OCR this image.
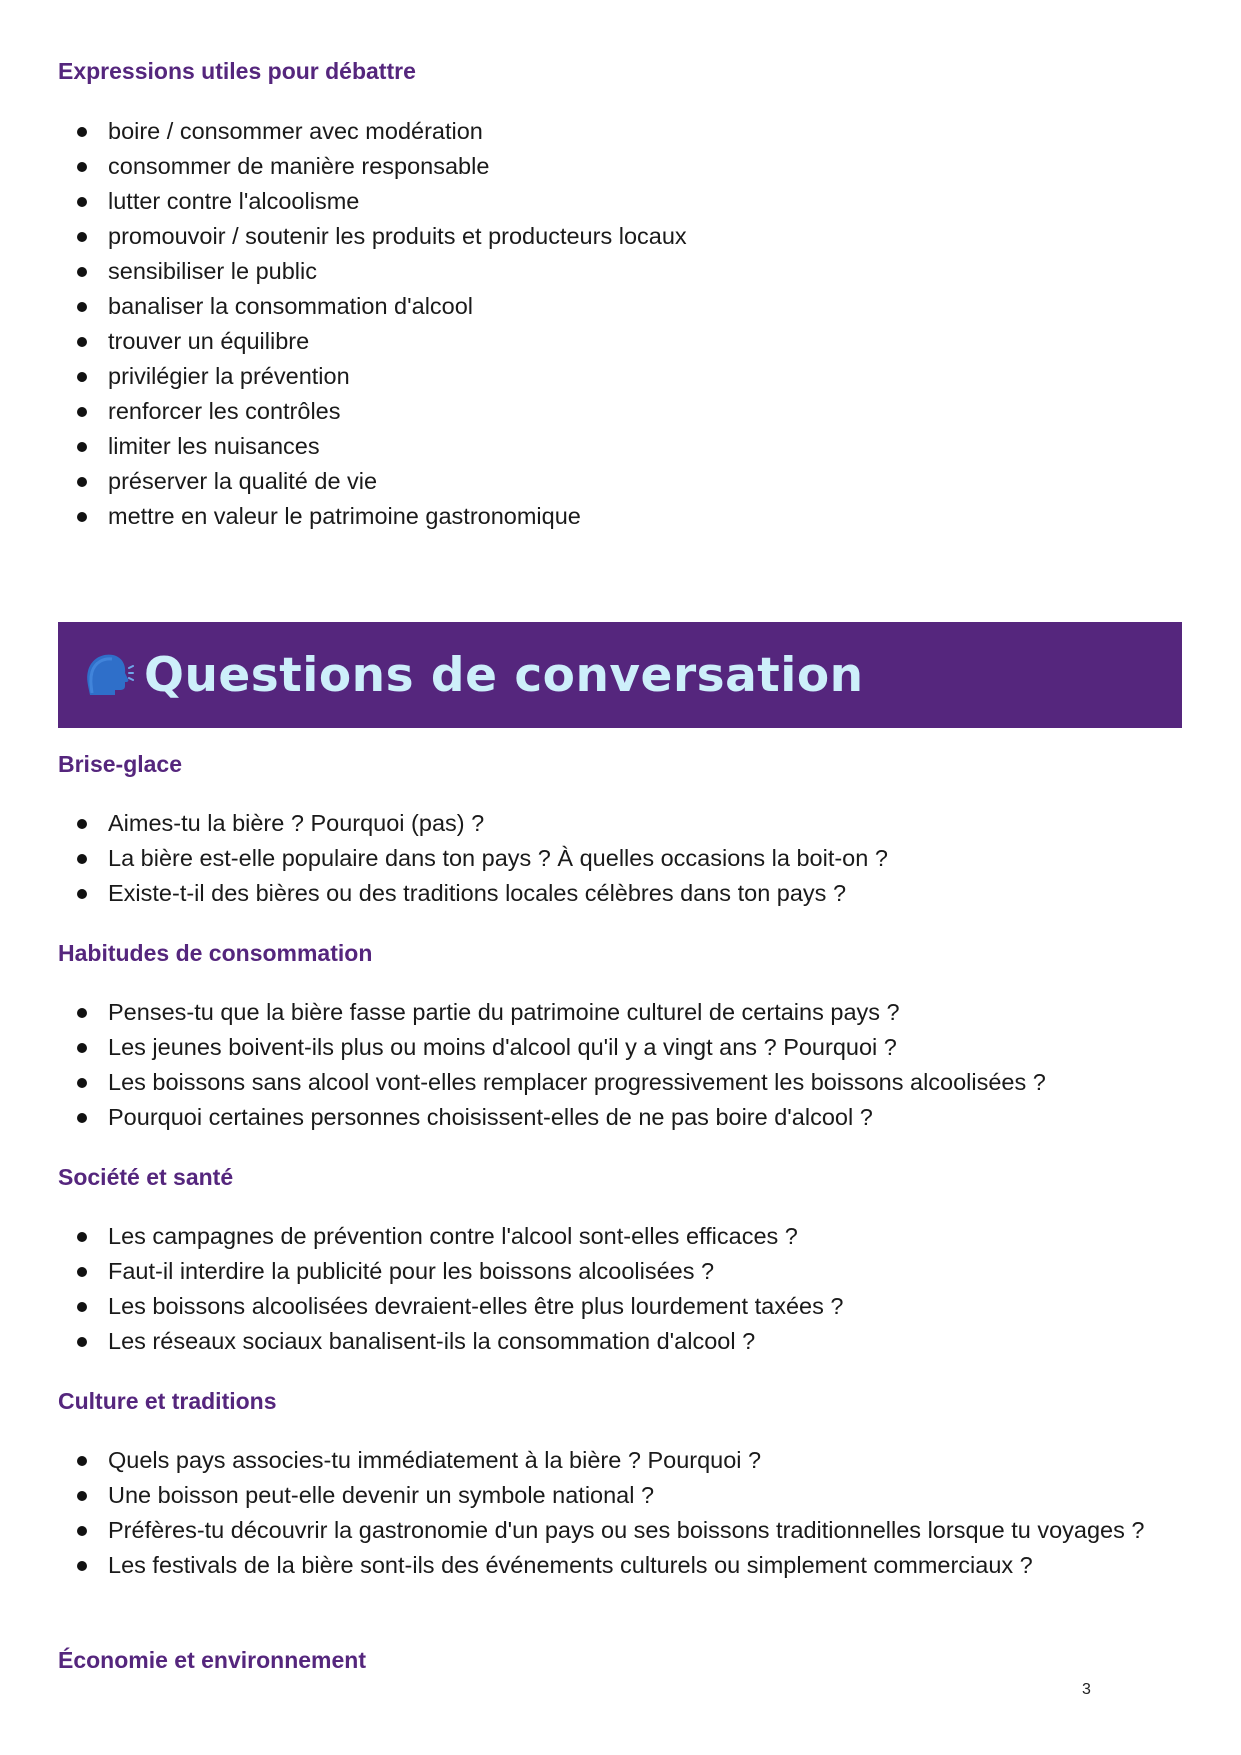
Expressions utiles pour débattre
boire / consommer avec modération
consommer de manière responsable
lutter contre l'alcoolisme
promouvoir / soutenir les produits et producteurs locaux
sensibiliser le public
banaliser la consommation d'alcool
trouver un équilibre
privilégier la prévention
renforcer les contrôles
limiter les nuisances
préserver la qualité de vie
mettre en valeur le patrimoine gastronomique
Questions de conversation
Brise-glace
Aimes-tu la bière ? Pourquoi (pas) ?
La bière est-elle populaire dans ton pays ? À quelles occasions la boit-on ?
Existe-t-il des bières ou des traditions locales célèbres dans ton pays ?
Habitudes de consommation
Penses-tu que la bière fasse partie du patrimoine culturel de certains pays ?
Les jeunes boivent-ils plus ou moins d'alcool qu'il y a vingt ans ? Pourquoi ?
Les boissons sans alcool vont-elles remplacer progressivement les boissons alcoolisées ?
Pourquoi certaines personnes choisissent-elles de ne pas boire d'alcool ?
Société et santé
Les campagnes de prévention contre l'alcool sont-elles efficaces ?
Faut-il interdire la publicité pour les boissons alcoolisées ?
Les boissons alcoolisées devraient-elles être plus lourdement taxées ?
Les réseaux sociaux banalisent-ils la consommation d'alcool ?
Culture et traditions
Quels pays associes-tu immédiatement à la bière ? Pourquoi ?
Une boisson peut-elle devenir un symbole national ?
Préfères-tu découvrir la gastronomie d'un pays ou ses boissons traditionnelles lorsque tu voyages ?
Les festivals de la bière sont-ils des événements culturels ou simplement commerciaux ?
Économie et environnement
3
